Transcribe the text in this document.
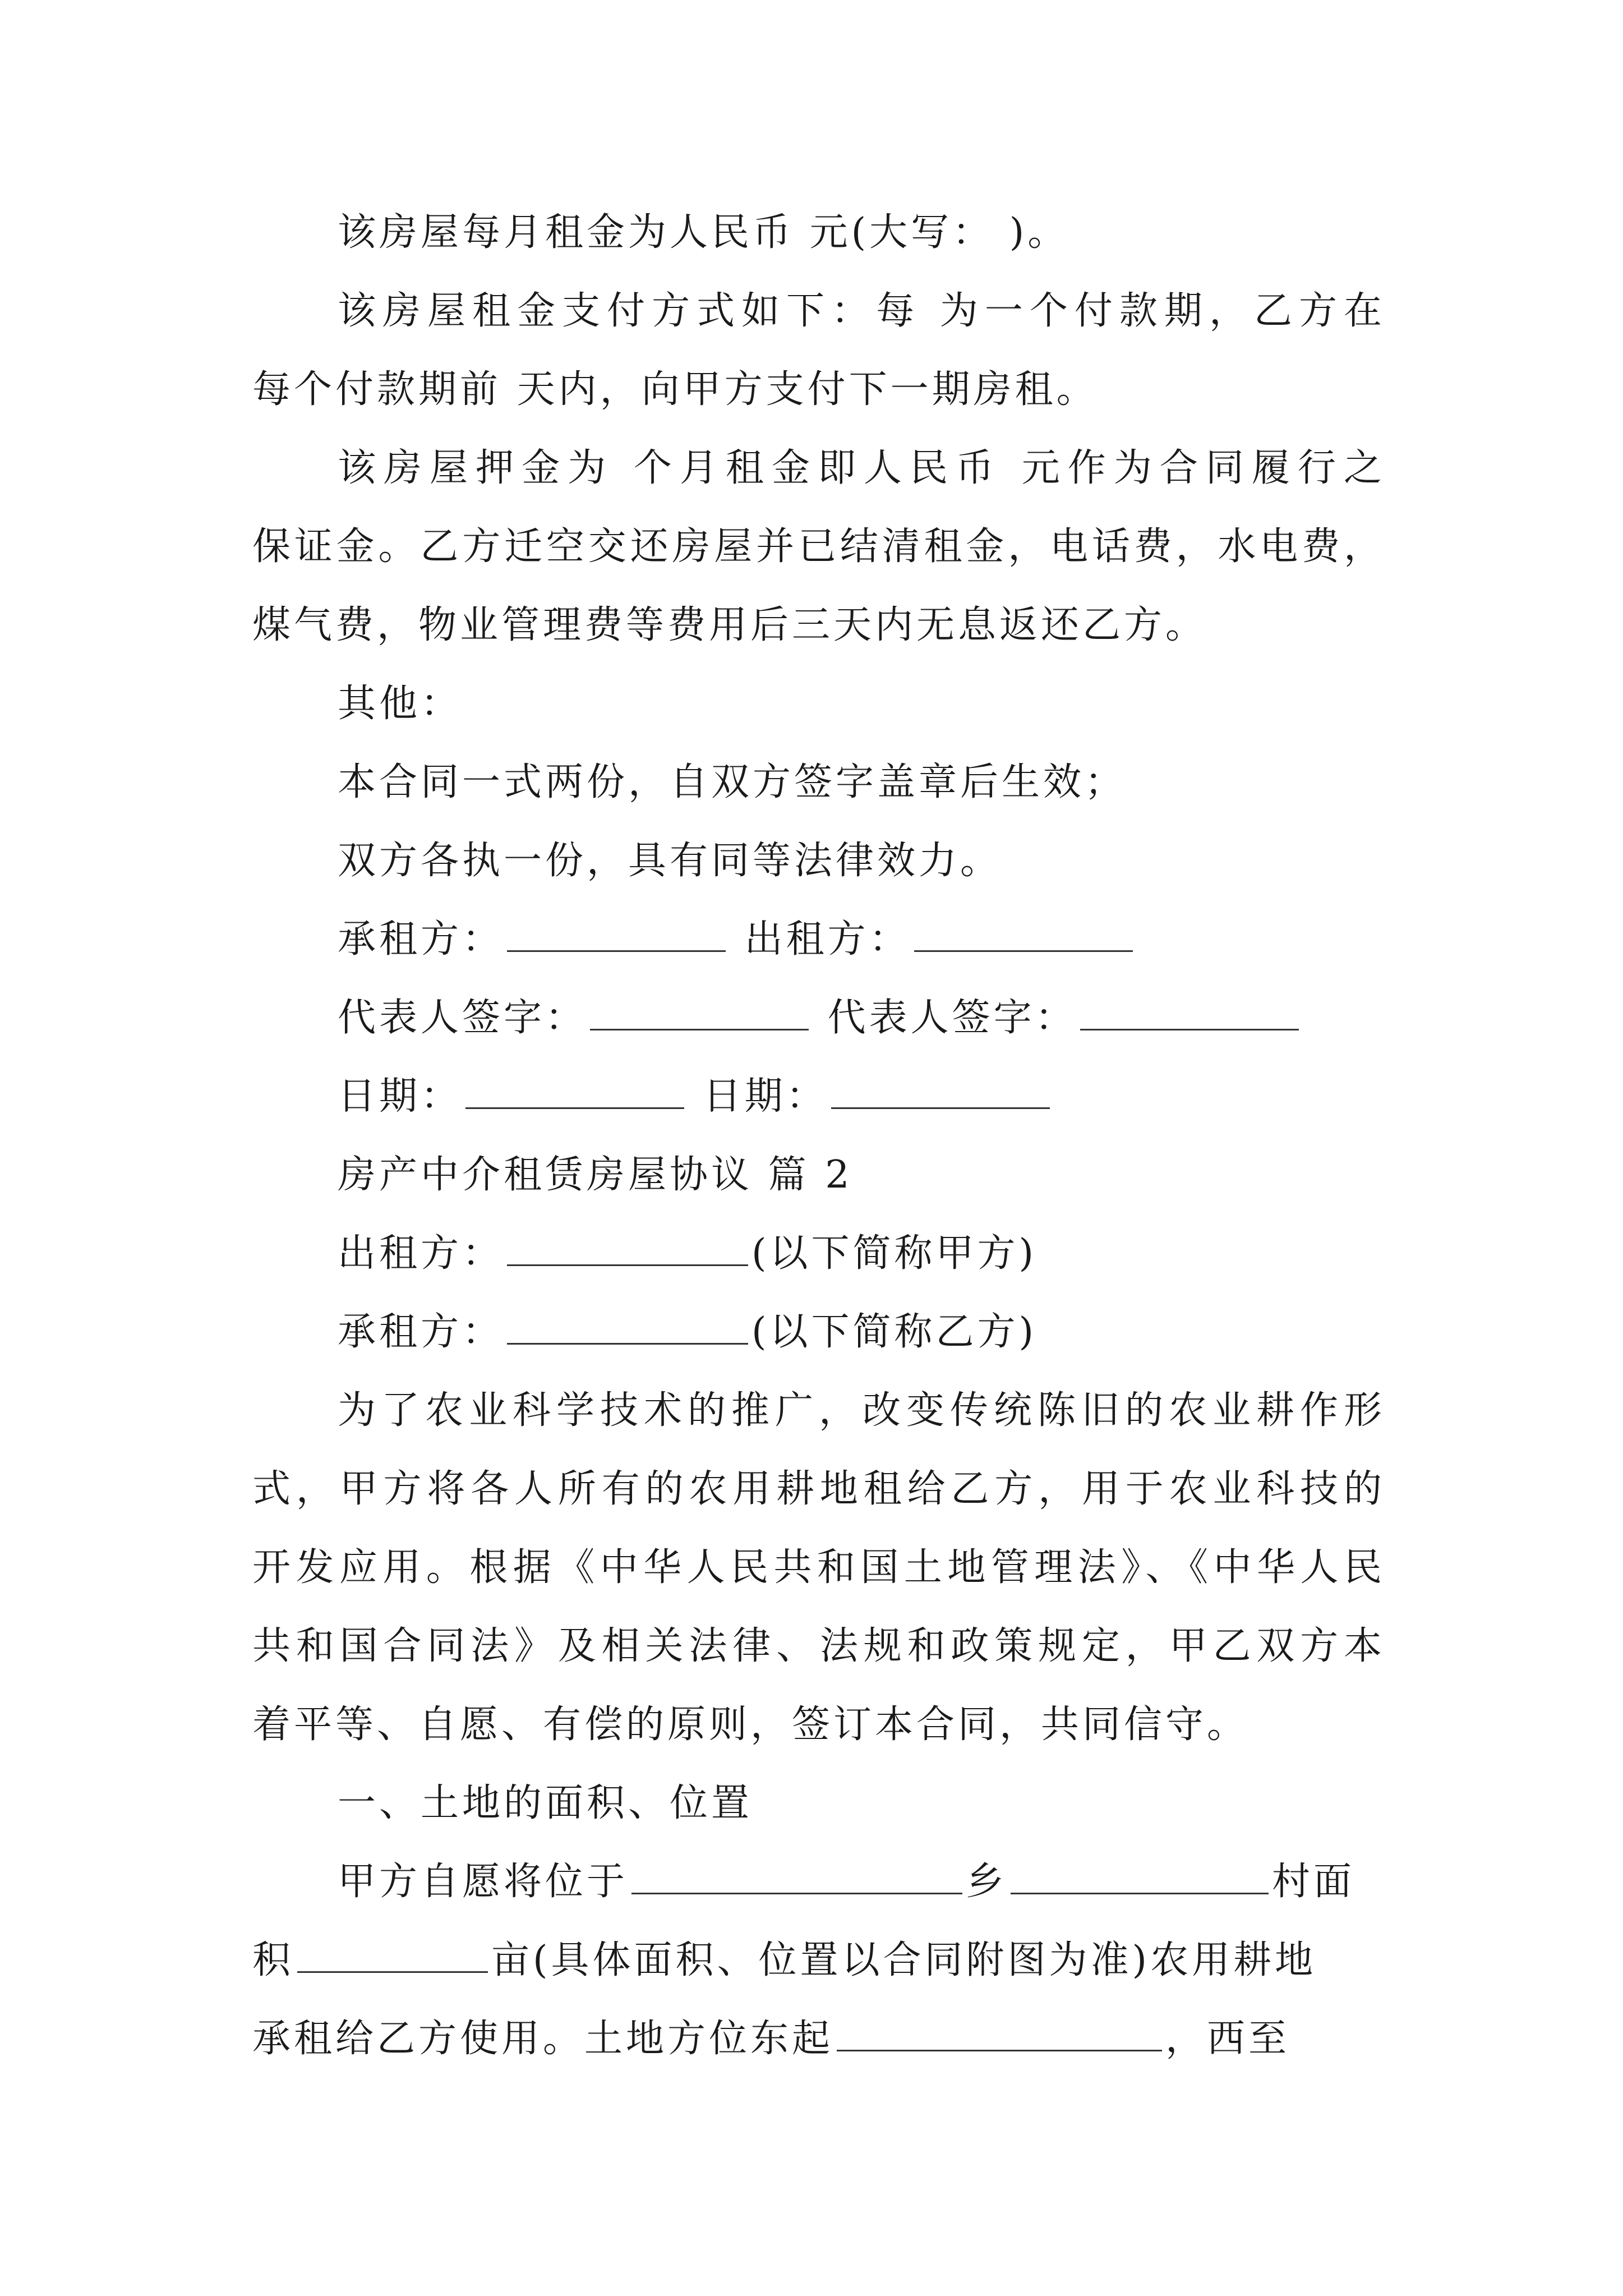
该房屋每月租金为人民币 元(大写： )。
该房屋租金支付方式如下：每 为一个付款期，乙方在
每个付款期前 天内，向甲方支付下一期房租。
该房屋押金为 个月租金即人民币 元作为合同履行之
保证金。乙方迁空交还房屋并已结清租金，电话费，水电费，
煤气费，物业管理费等费用后三天内无息返还乙方。
其他：
本合同一式两份，自双方签字盖章后生效；
双方各执一份，具有同等法律效力。
承租方：	出租方：
代表人签字：	代表人签字：
日期：	日期：
房产中介租赁房屋协议 篇 2
出租方：	(以下简称甲方)
承租方：	(以下简称乙方)
为了农业科学技术的推广，改变传统陈旧的农业耕作形
式，甲方将各人所有的农用耕地租给乙方，用于农业科技的
开发应用。根据《中华人民共和国土地管理法》、《中华人民
共和国合同法》及相关法律、法规和政策规定，甲乙双方本
着平等、自愿、有偿的原则，签订本合同，共同信守。
一、土地的面积、位置
甲方自愿将位于	乡	村面
积	亩(具体面积、位置以合同附图为准)农用耕地
承租给乙方使用。土地方位东起	，西至
